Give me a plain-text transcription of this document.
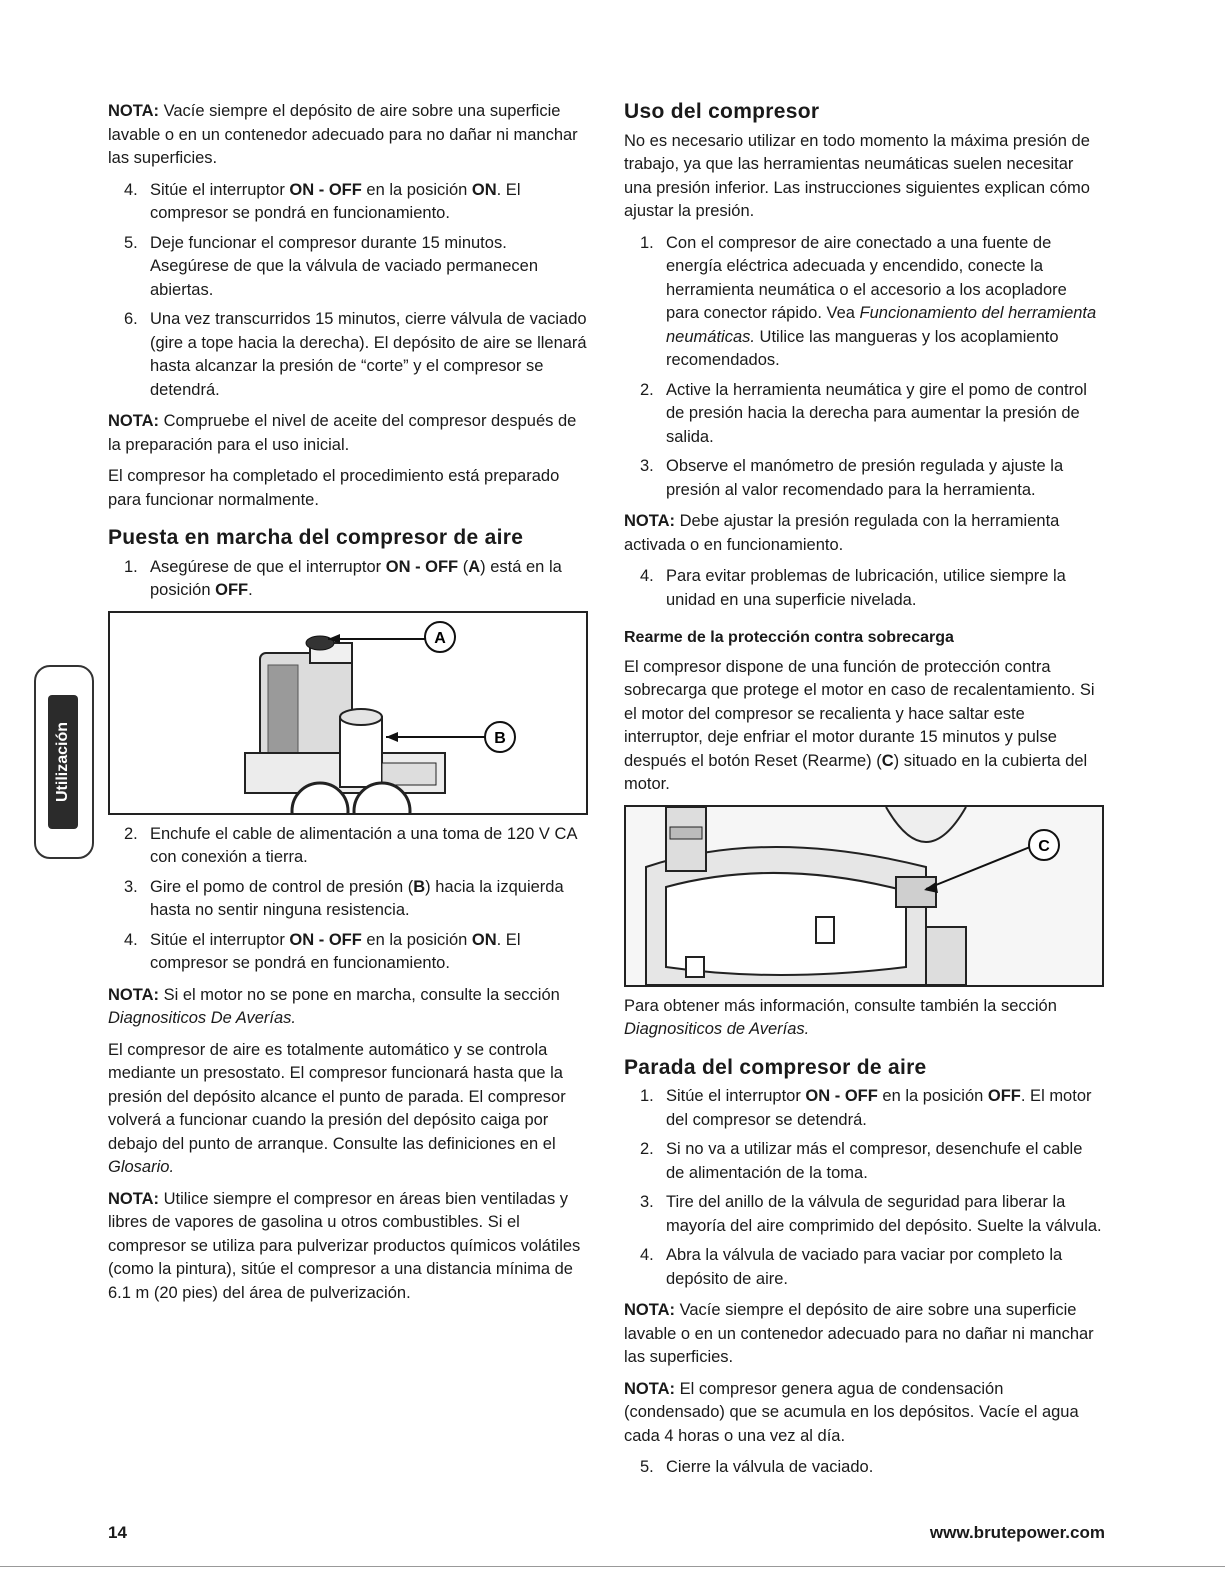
Utilización

NOTA: Vacíe siempre el depósito de aire sobre una superficie lavable o en un contenedor adecuado para no dañar ni manchar las superficies.

4. Sitúe el interruptor ON - OFF en la posición ON. El compresor se pondrá en funcionamiento.
5. Deje funcionar el compresor durante 15 minutos. Asegúrese de que la válvula de vaciado permanecen abiertas.
6. Una vez transcurridos 15 minutos, cierre válvula de vaciado (gire a tope hacia la derecha). El depósito de aire se llenará hasta alcanzar la presión de “corte” y el compresor se detendrá.

NOTA: Compruebe el nivel de aceite del compresor después de la preparación para el uso inicial.

El compresor ha completado el procedimiento está preparado para funcionar normalmente.

Puesta en marcha del compresor de aire
1. Asegúrese de que el interruptor ON - OFF (A) está en la posición OFF.
A
B
2. Enchufe el cable de alimentación a una toma de 120 V CA con conexión a tierra.
3. Gire el pomo de control de presión (B) hacia la izquierda hasta no sentir ninguna resistencia.
4. Sitúe el interruptor ON - OFF en la posición ON. El compresor se pondrá en funcionamiento.

NOTA: Si el motor no se pone en marcha, consulte la sección Diagnositicos De Averías.

El compresor de aire es totalmente automático y se controla mediante un presostato. El compresor funcionará hasta que la presión del depósito alcance el punto de parada. El compresor volverá a funcionar cuando la presión del depósito caiga por debajo del punto de arranque. Consulte las definiciones en el Glosario.

NOTA: Utilice siempre el compresor en áreas bien ventiladas y libres de vapores de gasolina u otros combustibles. Si el compresor se utiliza para pulverizar productos químicos volátiles (como la pintura), sitúe el compresor a una distancia mínima de 6.1 m (20 pies) del área de pulverización.

Uso del compresor

No es necesario utilizar en todo momento la máxima presión de trabajo, ya que las herramientas neumáticas suelen necesitar una presión inferior. Las instrucciones siguientes explican cómo ajustar la presión.

1. Con el compresor de aire conectado a una fuente de energía eléctrica adecuada y encendido, conecte la herramienta neumática o el accesorio a los acopladore para conector rápido. Vea Funcionamiento del herramienta neumáticas. Utilice las mangueras y los acoplamiento recomendados.
2. Active la herramienta neumática y gire el pomo de control de presión hacia la derecha para aumentar la presión de salida.
3. Observe el manómetro de presión regulada y ajuste la presión al valor recomendado para la herramienta.

NOTA: Debe ajustar la presión regulada con la herramienta activada o en funcionamiento.

4. Para evitar problemas de lubricación, utilice siempre la unidad en una superficie nivelada.
Rearme de la protección contra sobrecarga

El compresor dispone de una función de protección contra sobrecarga que protege el motor en caso de recalentamiento. Si el motor del compresor se recalienta y hace saltar este interruptor, deje enfriar el motor durante 15 minutos y pulse después el botón Reset (Rearme) (C) situado en la cubierta del motor.

C

Para obtener más información, consulte también la sección Diagnositicos de Averías.

Parada del compresor de aire
1. Sitúe el interruptor ON - OFF en la posición OFF. El motor del compresor se detendrá.
2. Si no va a utilizar más el compresor, desenchufe el cable de alimentación de la toma.
3. Tire del anillo de la válvula de seguridad para liberar la mayoría del aire comprimido del depósito. Suelte la válvula.
4. Abra la válvula de vaciado para vaciar por completo la depósito de aire.

NOTA: Vacíe siempre el depósito de aire sobre una superficie lavable o en un contenedor adecuado para no dañar ni manchar las superficies.

NOTA: El compresor genera agua de condensación (condensado) que se acumula en los depósitos. Vacíe el agua cada 4 horas o una vez al día.

5. Cierre la válvula de vaciado.
14	www.brutepower.com
